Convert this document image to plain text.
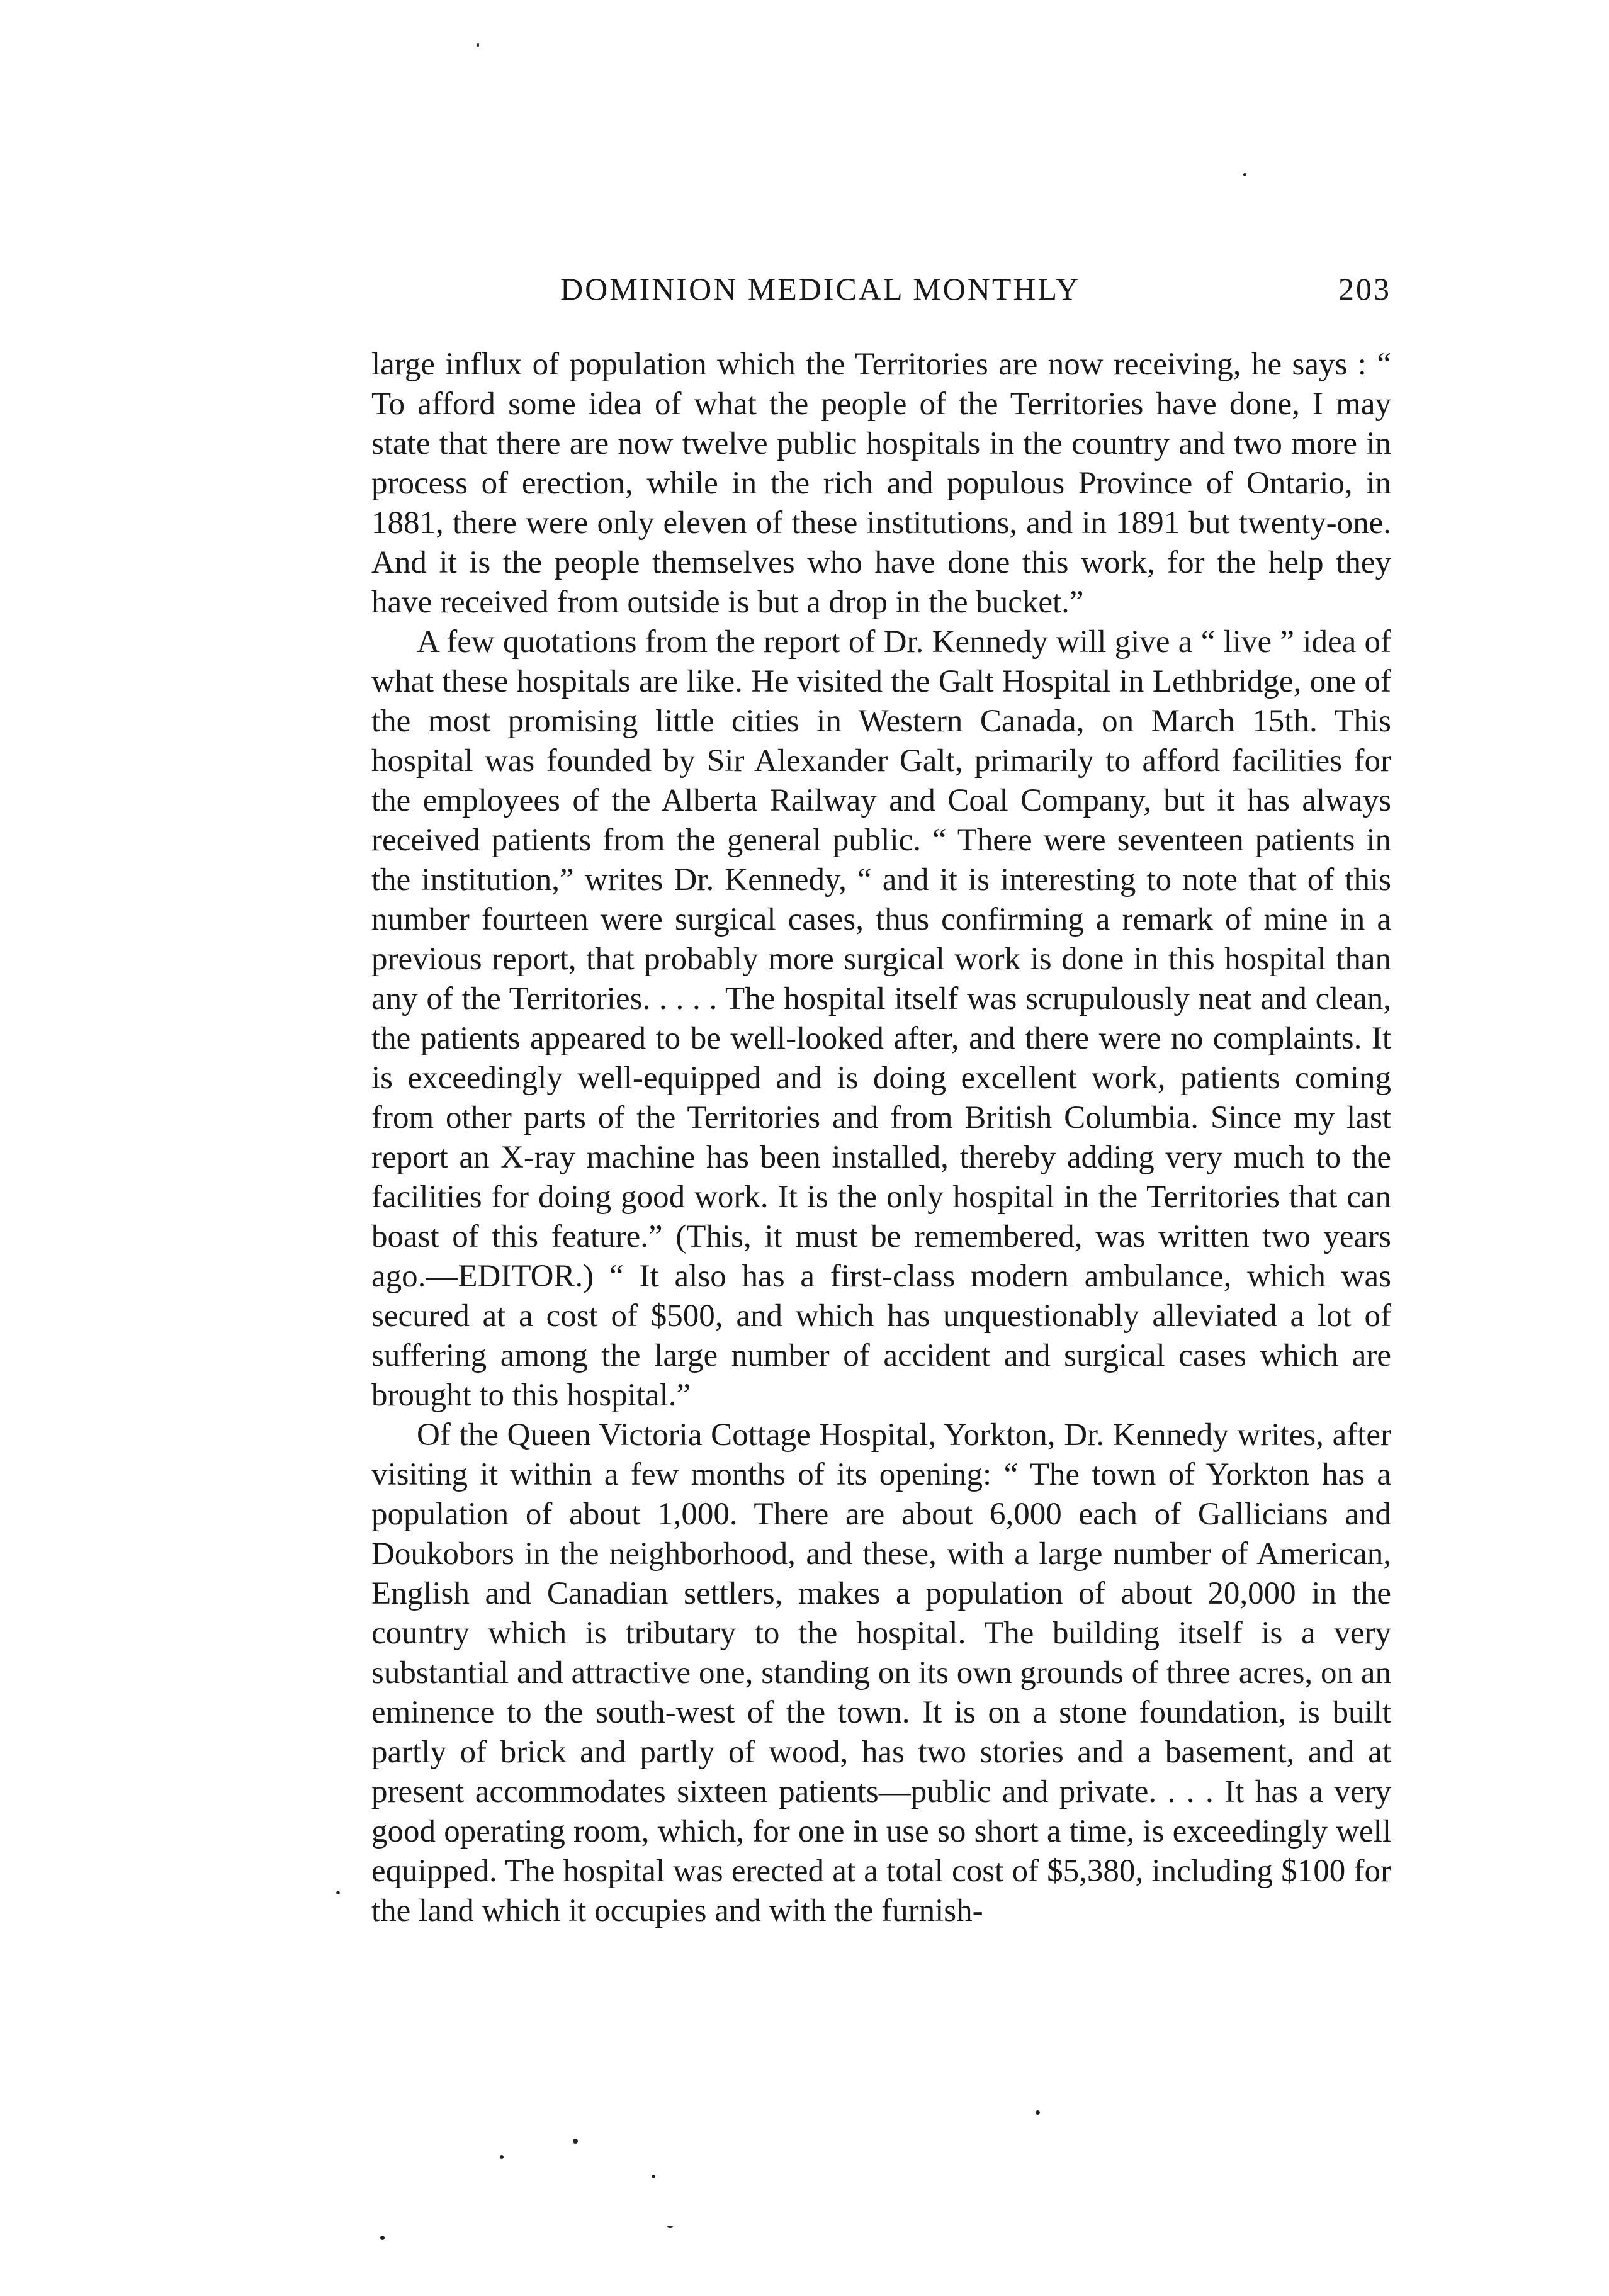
DOMINION MEDICAL MONTHLY	203

large influx of population which the Territories are now receiving, he says : “ To afford some idea of what the people of the Territories have done, I may state that there are now twelve public hospitals in the country and two more in process of erection, while in the rich and populous Province of Ontario, in 1881, there were only eleven of these institutions, and in 1891 but twenty-one. And it is the people themselves who have done this work, for the help they have received from outside is but a drop in the bucket.”

A few quotations from the report of Dr. Kennedy will give a “ live ” idea of what these hospitals are like. He visited the Galt Hospital in Lethbridge, one of the most promising little cities in Western Canada, on March 15th. This hospital was founded by Sir Alexander Galt, primarily to afford facilities for the employees of the Alberta Railway and Coal Company, but it has always received patients from the general public. “ There were seventeen patients in the institution,” writes Dr. Kennedy, “ and it is interesting to note that of this number fourteen were surgical cases, thus confirming a remark of mine in a previous report, that probably more surgical work is done in this hospital than any of the Territories. . . . . The hospital itself was scrupulously neat and clean, the patients appeared to be well-looked after, and there were no complaints. It is exceedingly well-equipped and is doing excellent work, patients coming from other parts of the Territories and from British Columbia. Since my last report an X-ray machine has been installed, thereby adding very much to the facilities for doing good work. It is the only hospital in the Territories that can boast of this feature.” (This, it must be remembered, was written two years ago.—EDITOR.) “ It also has a first-class modern ambulance, which was secured at a cost of $500, and which has unquestionably alleviated a lot of suffering among the large number of accident and surgical cases which are brought to this hospital.”

Of the Queen Victoria Cottage Hospital, Yorkton, Dr. Kennedy writes, after visiting it within a few months of its opening: “ The town of Yorkton has a population of about 1,000. There are about 6,000 each of Gallicians and Doukobors in the neighborhood, and these, with a large number of American, English and Canadian settlers, makes a population of about 20,000 in the country which is tributary to the hospital. The building itself is a very substantial and attractive one, standing on its own grounds of three acres, on an eminence to the south-west of the town. It is on a stone foundation, is built partly of brick and partly of wood, has two stories and a basement, and at present accommodates sixteen patients—public and private. . . . It has a very good operating room, which, for one in use so short a time, is exceedingly well equipped. The hospital was erected at a total cost of $5,380, including $100 for the land which it occupies and with the furnish-
